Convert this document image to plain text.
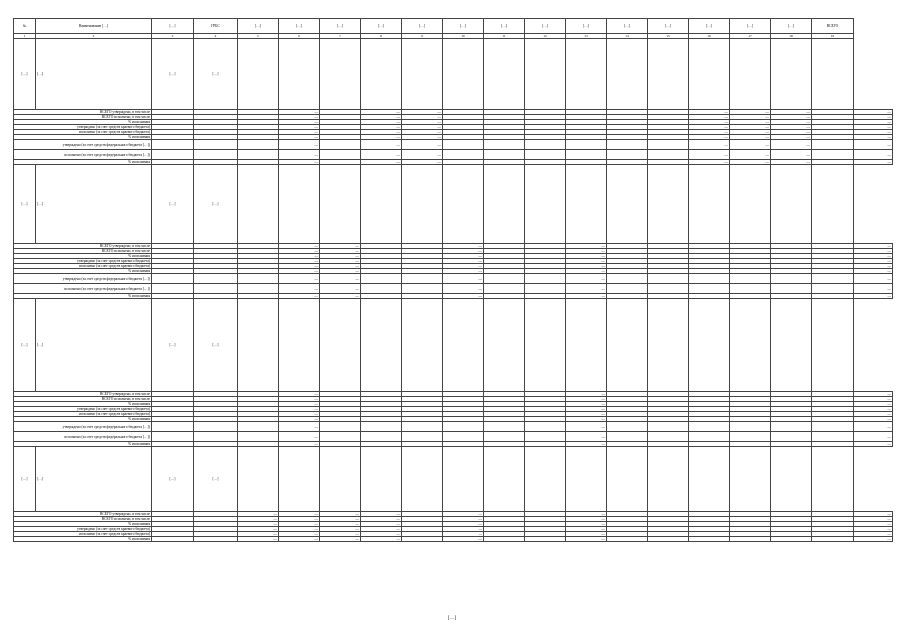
№	Наименование […]	[…]	ГРБС	[…]	[…]	[…]	[…]	[…]	[…]	[…]	[…]	[…]	[…]	[…]	[…]	[…]	[…]	ВСЕГО	
1	2	3	4	5	6	7	8	9	10	11	12	13	14	15	16	17	18	19	
[…]	[…]	[…]	[…]																
ВСЕГО утверждено, в том числе					—		—	—							—	—	—		—
ВСЕГО исполнено, в том числе					—		—	—							—	—	—		—
% исполнения					—		—	—							—	—	—		—
утверждено (за счет средств краевого бюджета)					—		—	—							—	—	—		—
исполнено (за счет средств краевого бюджета)					—		—	—							—	—	—		—
% исполнения					—		—	—							—	—	—		—
утверждено (за счет средств федерального бюджета […])					—		—	—							—	—	—		—
исполнено (за счет средств федерального бюджета […])					—		—	—							—	—	—		—
% исполнения					—		—	—							—	—	—		—
[…]	[…]	[…]	[…]																
ВСЕГО утверждено, в том числе					—	—			—			—							—
ВСЕГО исполнено, в том числе					—	—			—			—							—
% исполнения					—	—			—			—							—
утверждено (за счет средств краевого бюджета)					—	—			—			—							—
исполнено (за счет средств краевого бюджета)					—	—			—			—							—
% исполнения					—	—			—			—							—
утверждено (за счет средств федерального бюджета […])					—	—			—			—							—
исполнено (за счет средств федерального бюджета […])					—	—			—			—							—
% исполнения					—	—			—			—							—
[…]	[…]	[…]	[…]																
ВСЕГО утверждено, в том числе					—							—							—
ВСЕГО исполнено, в том числе					—							—							—
% исполнения					—							—							—
утверждено (за счет средств краевого бюджета)					—							—							—
исполнено (за счет средств краевого бюджета)					—							—							—
% исполнения					—							—							—
утверждено (за счет средств федерального бюджета […])					—							—							—
исполнено (за счет средств федерального бюджета […])					—							—							—
% исполнения					—							—							—
[…]	[…]	[…]	[…]																
ВСЕГО утверждено, в том числе				—	—	—	—		—			—							—
ВСЕГО исполнено, в том числе				—	—	—	—		—			—							—
% исполнения				—	—	—	—		—			—							—
утверждено (за счет средств краевого бюджета)				—	—	—	—		—			—							—
исполнено (за счет средств краевого бюджета)				—	—	—	—		—			—							—
% исполнения				—	—	—	—		—			—							—
[…]
